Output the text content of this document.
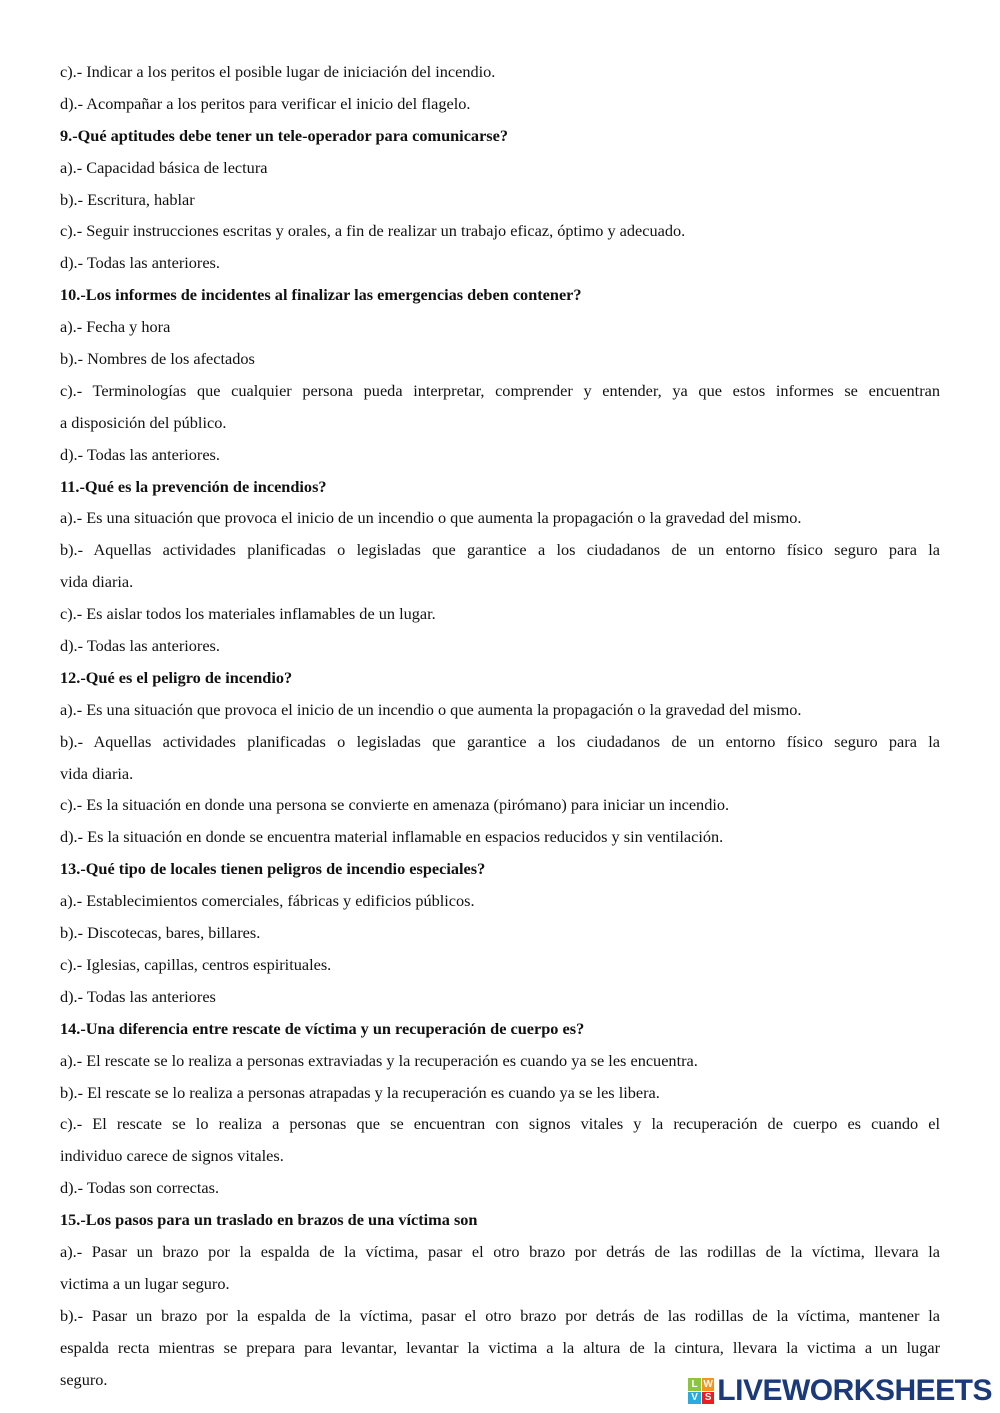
c).- Indicar a los peritos el posible lugar de iniciación del incendio.
d).- Acompañar a los peritos para verificar el inicio del flagelo.
9.-Qué aptitudes debe tener un tele-operador para comunicarse?
a).- Capacidad básica de lectura
b).- Escritura, hablar
c).- Seguir instrucciones escritas y orales, a fin de realizar un trabajo eficaz, óptimo y adecuado.
d).- Todas las anteriores.
10.-Los informes de incidentes al finalizar las emergencias deben contener?
a).- Fecha y hora
b).- Nombres de los afectados
c).- Terminologías que cualquier persona pueda interpretar, comprender y entender, ya que estos informes se encuentran
a disposición del público.
d).- Todas las anteriores.
11.-Qué es la prevención de incendios?
a).- Es una situación que provoca el inicio de un incendio o que aumenta la propagación o la gravedad del mismo.
b).- Aquellas actividades planificadas o legisladas que garantice a los ciudadanos de un entorno físico seguro para la
vida diaria.
c).- Es aislar todos los materiales inflamables de un lugar.
d).- Todas las anteriores.
12.-Qué es el peligro de incendio?
a).- Es una situación que provoca el inicio de un incendio o que aumenta la propagación o la gravedad del mismo.
b).- Aquellas actividades planificadas o legisladas que garantice a los ciudadanos de un entorno físico seguro para la
vida diaria.
c).- Es la situación en donde una persona se convierte en amenaza (pirómano) para iniciar un incendio.
d).- Es la situación en donde se encuentra material inflamable en espacios reducidos y sin ventilación.
13.-Qué tipo de locales tienen peligros de incendio especiales?
a).- Establecimientos comerciales, fábricas y edificios públicos.
b).- Discotecas, bares, billares.
c).- Iglesias, capillas, centros espirituales.
d).- Todas las anteriores
14.-Una diferencia entre rescate de víctima y un recuperación de cuerpo es?
a).- El rescate se lo realiza a personas extraviadas y la recuperación es cuando ya se les encuentra.
b).- El rescate se lo realiza a personas atrapadas y la recuperación es cuando ya se les libera.
c).- El rescate se lo realiza a personas que se encuentran con signos vitales y la recuperación de cuerpo es cuando el
individuo carece de signos vitales.
d).- Todas son correctas.
15.-Los pasos para un traslado en brazos de una víctima son
a).- Pasar un brazo por la espalda de la víctima, pasar el otro brazo por detrás de las rodillas de la víctima, llevara la
victima a un lugar seguro.
b).- Pasar un brazo por la espalda de la víctima, pasar el otro brazo por detrás de las rodillas de la víctima, mantener la
espalda recta mientras se prepara para levantar, levantar la victima a la altura de la cintura, llevara la victima a un lugar
seguro.	L W
V S LIVEWORKSHEETS
